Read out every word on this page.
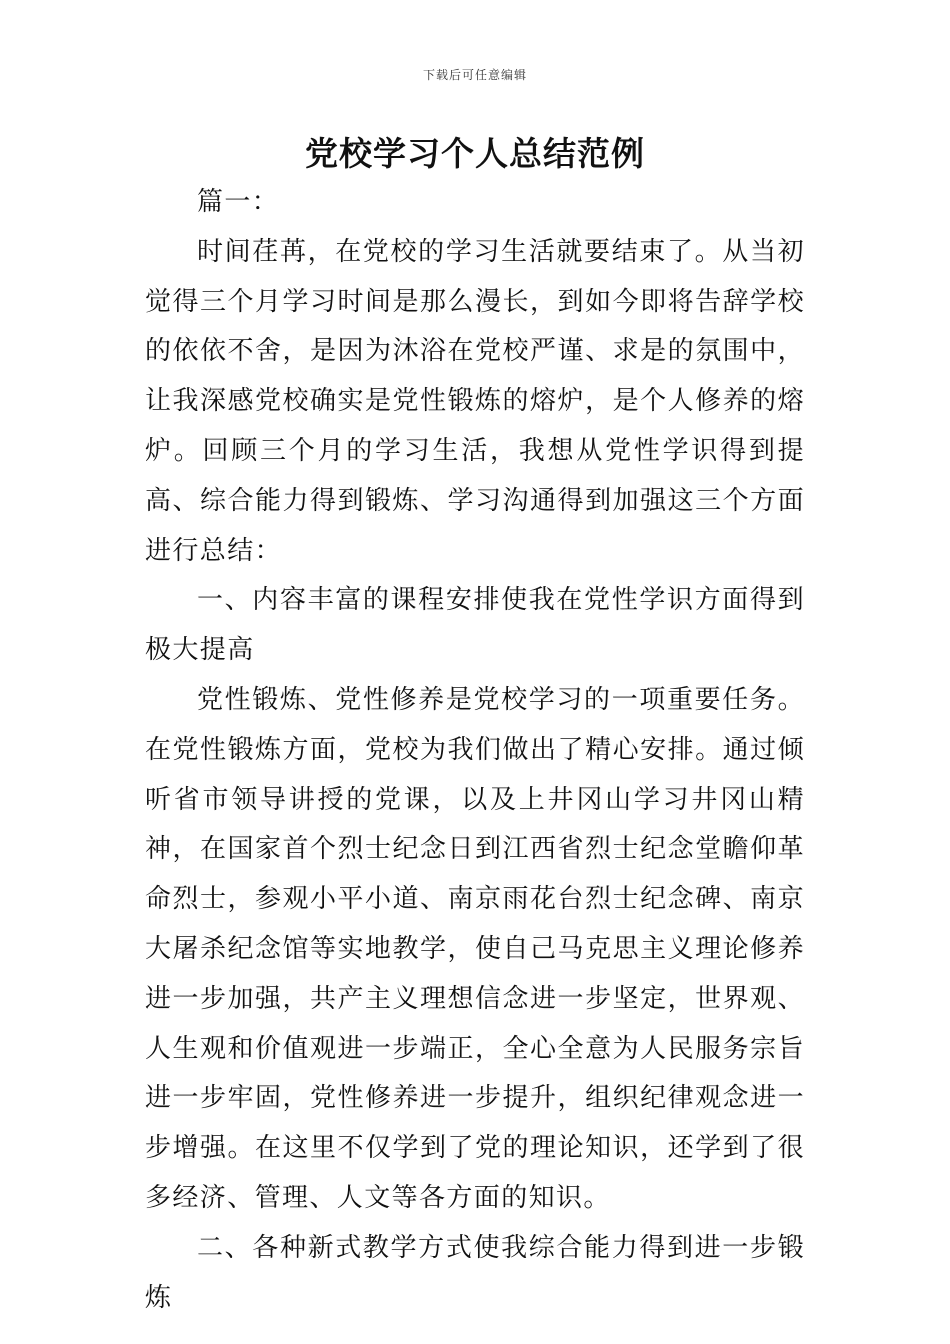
下载后可任意编辑
党校学习个人总结范例

篇一：

时间荏苒，在党校的学习生活就要结束了。从当初觉得三个月学习时间是那么漫长，到如今即将告辞学校的依依不舍，是因为沐浴在党校严谨、求是的氛围中，让我深感党校确实是党性锻炼的熔炉，是个人修养的熔炉。回顾三个月的学习生活，我想从党性学识得到提高、综合能力得到锻炼、学习沟通得到加强这三个方面进行总结：

一、内容丰富的课程安排使我在党性学识方面得到极大提高

党性锻炼、党性修养是党校学习的一项重要任务。在党性锻炼方面，党校为我们做出了精心安排。通过倾听省市领导讲授的党课，以及上井冈山学习井冈山精神，在国家首个烈士纪念日到江西省烈士纪念堂瞻仰革命烈士，参观小平小道、南京雨花台烈士纪念碑、南京大屠杀纪念馆等实地教学，使自己马克思主义理论修养进一步加强，共产主义理想信念进一步坚定，世界观、人生观和价值观进一步端正，全心全意为人民服务宗旨进一步牢固，党性修养进一步提升，组织纪律观念进一步增强。在这里不仅学到了党的理论知识，还学到了很多经济、管理、人文等各方面的知识。

二、各种新式教学方式使我综合能力得到进一步锻炼
